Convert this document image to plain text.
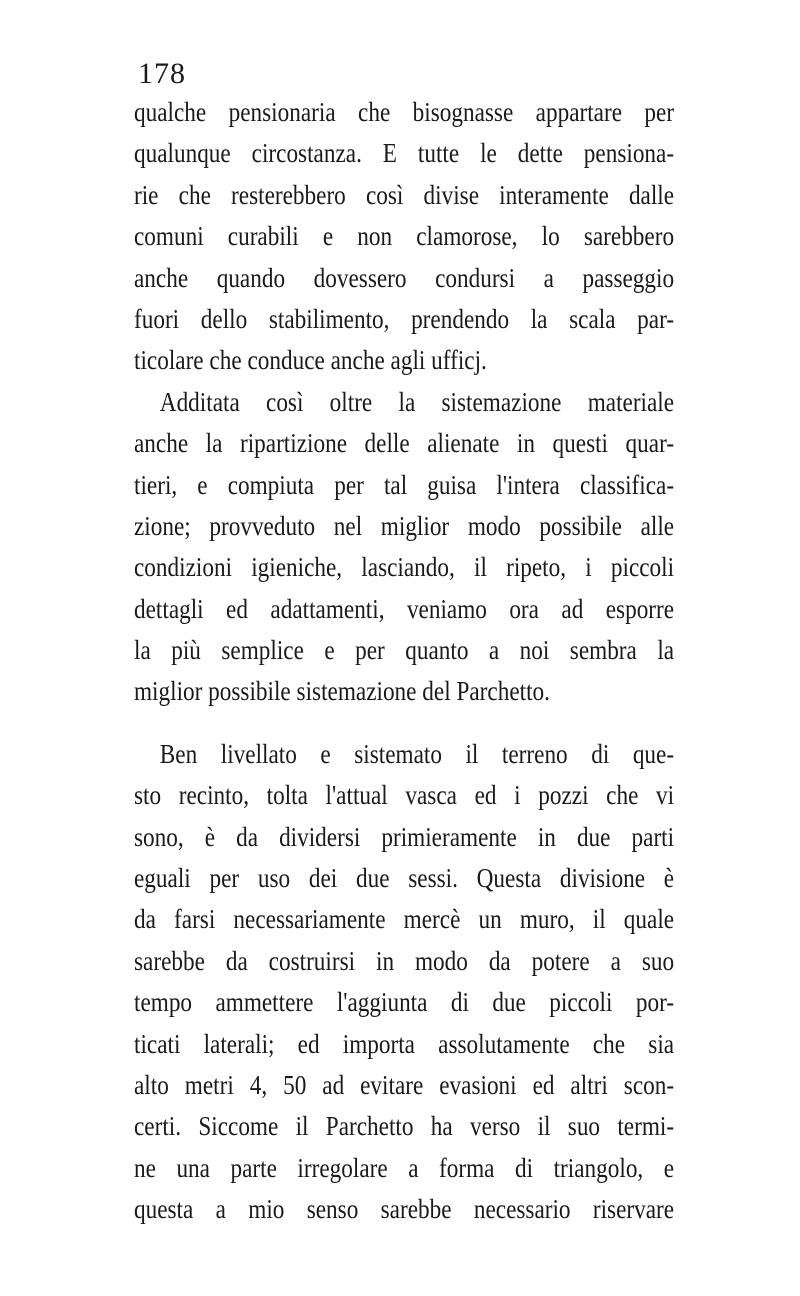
178
qualche pensionaria che bisognasse appartare per
qualunque circostanza. E tutte le dette pensiona-
rie che resterebbero così divise interamente dalle
comuni curabili e non clamorose, lo sarebbero
anche quando dovessero condursi a passeggio
fuori dello stabilimento, prendendo la scala par-
ticolare che conduce anche agli ufficj.
Additata così oltre la sistemazione materiale
anche la ripartizione delle alienate in questi quar-
tieri, e compiuta per tal guisa l'intera classifica-
zione; provveduto nel miglior modo possibile alle
condizioni igieniche, lasciando, il ripeto, i piccoli
dettagli ed adattamenti, veniamo ora ad esporre
la più semplice e per quanto a noi sembra la
miglior possibile sistemazione del Parchetto.
Ben livellato e sistemato il terreno di que-
sto recinto, tolta l'attual vasca ed i pozzi che vi
sono, è da dividersi primieramente in due parti
eguali per uso dei due sessi. Questa divisione è
da farsi necessariamente mercè un muro, il quale
sarebbe da costruirsi in modo da potere a suo
tempo ammettere l'aggiunta di due piccoli por-
ticati laterali; ed importa assolutamente che sia
alto metri 4, 50 ad evitare evasioni ed altri scon-
certi. Siccome il Parchetto ha verso il suo termi-
ne una parte irregolare a forma di triangolo, e
questa a mio senso sarebbe necessario riservare
